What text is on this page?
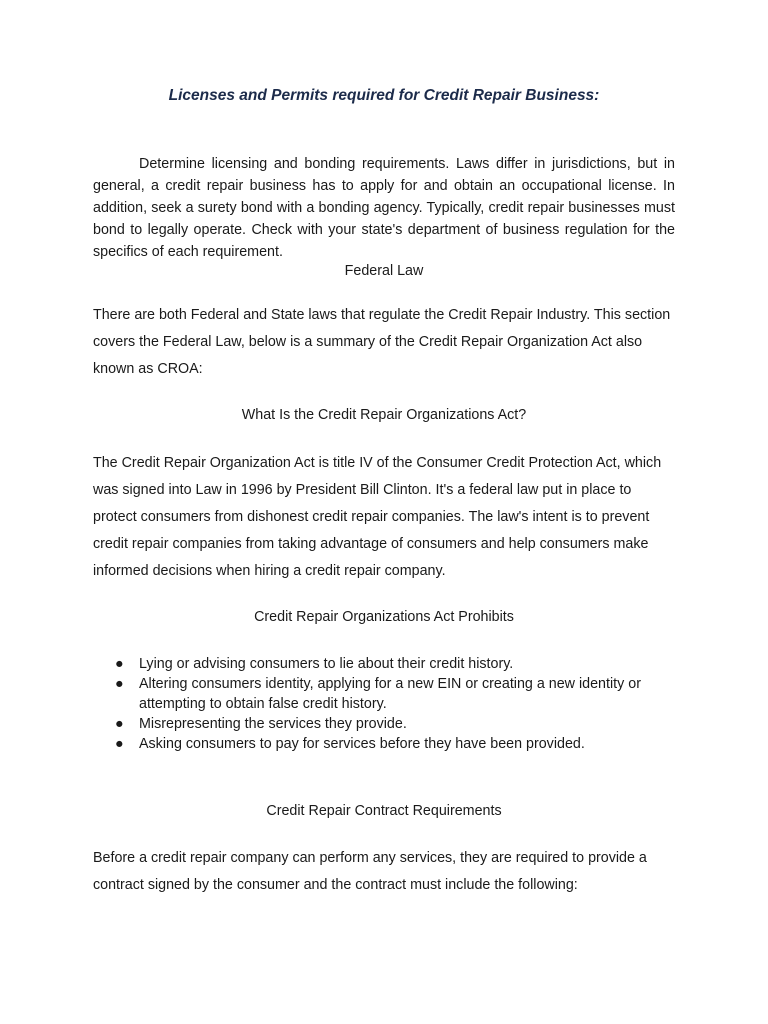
Licenses and Permits required for Credit Repair Business:

Determine licensing and bonding requirements. Laws differ in jurisdictions, but in general, a credit repair business has to apply for and obtain an occupational license. In addition, seek a surety bond with a bonding agency. Typically, credit repair businesses must bond to legally operate. Check with your state's department of business regulation for the specifics of each requirement.

Federal Law

There are both Federal and State laws that regulate the Credit Repair Industry. This section covers the Federal Law, below is a summary of the Credit Repair Organization Act also known as CROA:

What Is the Credit Repair Organizations Act?

The Credit Repair Organization Act is title IV of the Consumer Credit Protection Act, which was signed into Law in 1996 by President Bill Clinton. It's a federal law put in place to protect consumers from dishonest credit repair companies. The law's intent is to prevent credit repair companies from taking advantage of consumers and help consumers make informed decisions when hiring a credit repair company.

Credit Repair Organizations Act Prohibits

● Lying or advising consumers to lie about their credit history.
● Altering consumers identity, applying for a new EIN or creating a new identity or attempting to obtain false credit history.
● Misrepresenting the services they provide.
● Asking consumers to pay for services before they have been provided.

Credit Repair Contract Requirements

Before a credit repair company can perform any services, they are required to provide a contract signed by the consumer and the contract must include the following:
